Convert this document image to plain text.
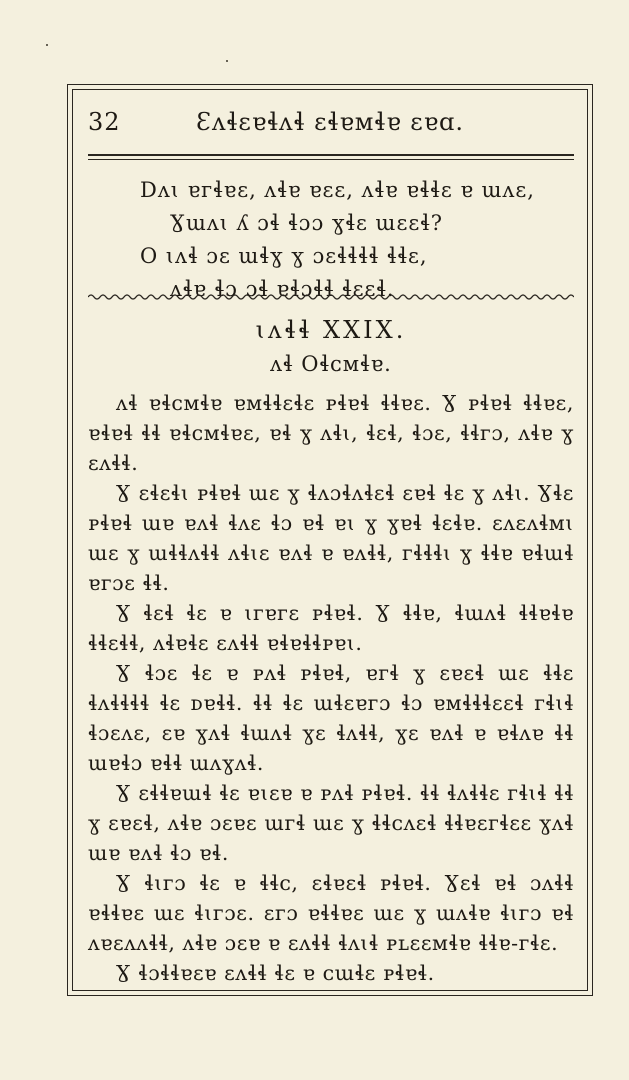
32	Ɛʌɬɛɐɬʌɬ ɛɬɐᴍɬɐ ɛɐɑ.
Dʌɩ ɐᴦɬɐɛ, ʌɬɐ ɐɛɛ, ʌɬɐ ɐɬɬɛ ɐ ɯʌɛ,
Ɣɯʌɩ ʎ ɔɬ ɬɔɔ ɣɬɛ ɯɛɛɬ?
O ɩʌɬ ɔɛ ɯɬɣ ɣ ɔɛɬɬɬɬ ɬɬɛ,
ʌɬɐ ɬɔ ɔɬ ɐɬɔɬɬ ɬɛɛɬ.
ɩʌɬɬ XXIX.
ʌɬ Oɬᴄᴍɬɐ.

ʌɬ ɐɬᴄᴍɬɐ ɐᴍɬɬɛɬɛ ᴘɬɐɬ ɬɬɐɛ. Ɣ ᴘɬɐɬ ɬɬɐɛ, ɐɬɐɬ ɬɬ ɐɬᴄᴍɬɐɛ, ɐɬ ɣ ʌɬɩ, ɬɛɬ, ɬɔɛ, ɬɬᴦɔ, ʌɬɐ ɣ ɛʌɬɬ.

Ɣ ɛɬɛɬɩ ᴘɬɐɬ ɯɛ ɣ ɬʌɔɬʌɬɛɬ ɛɐɬ ɬɛ ɣ ʌɬɩ. Ɣɬɛ ᴘɬɐɬ ɯɐ ɐʌɬ ɬʌɛ ɬɔ ɐɬ ɐɩ ɣ ɣɐɬ ɬɛɬɐ. ɛʌɛʌɬᴍɩ ɯɛ ɣ ɯɬɬʌɬɬ ʌɬɩɛ ɐʌɬ ɐ ɐʌɬɬ, ᴦɬɬɬɩ ɣ ɬɬɐ ɐɬɯɬ ɐᴦɔɛ ɬɬ.

Ɣ ɬɛɬ ɬɛ ɐ ɩᴦɐᴦɛ ᴘɬɐɬ. Ɣ ɬɬɐ, ɬɯʌɬ ɬɬɐɬɐ ɬɬɛɬɬ, ʌɬɐɬɛ ɛʌɬɬ ɐɬɐɬɬᴘɐɩ.

Ɣ ɬɔɛ ɬɛ ɐ ᴘʌɬ ᴘɬɐɬ, ɐᴦɬ ɣ ɛɐɛɬ ɯɛ ɬɬɛ ɬʌɬɬɬɬ ɬɛ ᴅɐɬɬ. ɬɬ ɬɛ ɯɬɛɐᴦɔ ɬɔ ɐᴍɬɬɬɛɛɬ ᴦɬɩɬ ɬɔɛʌɛ, ɛɐ ɣʌɬ ɬɯʌɬ ɣɛ ɬʌɬɬ, ɣɛ ɐʌɬ ɐ ɐɬʌɐ ɬɬ ɯɐɬɔ ɐɬɬ ɯʌɣʌɬ.

Ɣ ɛɬɬɐɯɬ ɬɛ ɐɩɛɐ ɐ ᴘʌɬ ᴘɬɐɬ. ɬɬ ɬʌɬɬɛ ᴦɬɩɬ ɬɬ ɣ ɛɐɛɬ, ʌɬɐ ɔɛɐɛ ɯᴦɬ ɯɛ ɣ ɬɬᴄʌɛɬ ɬɬɐɛᴦɬɛɛ ɣʌɬ ɯɐ ɐʌɬ ɬɔ ɐɬ.

Ɣ ɬɩᴦɔ ɬɛ ɐ ɬɬᴄ, ɛɬɐɛɬ ᴘɬɐɬ. Ɣɛɬ ɐɬ ɔʌɬɬ ɐɬɬɐɛ ɯɛ ɬɩᴦɔɛ. ɛᴦɔ ɐɬɬɐɛ ɯɛ ɣ ɯʌɬɐ ɬɩᴦɔ ɐɬ ʌɐɛʌʌɬɬ, ʌɬɐ ɔɛɐ ɐ ɛʌɬɬ ɬʌɩɬ ᴘʟɛɛᴍɬɐ ɬɬɐ-ᴦɬɛ.

Ɣ ɬɔɬɬɐɛɐ ɛʌɬɬ ɬɛ ɐ ᴄɯɬɛ ᴘɬɐɬ.
